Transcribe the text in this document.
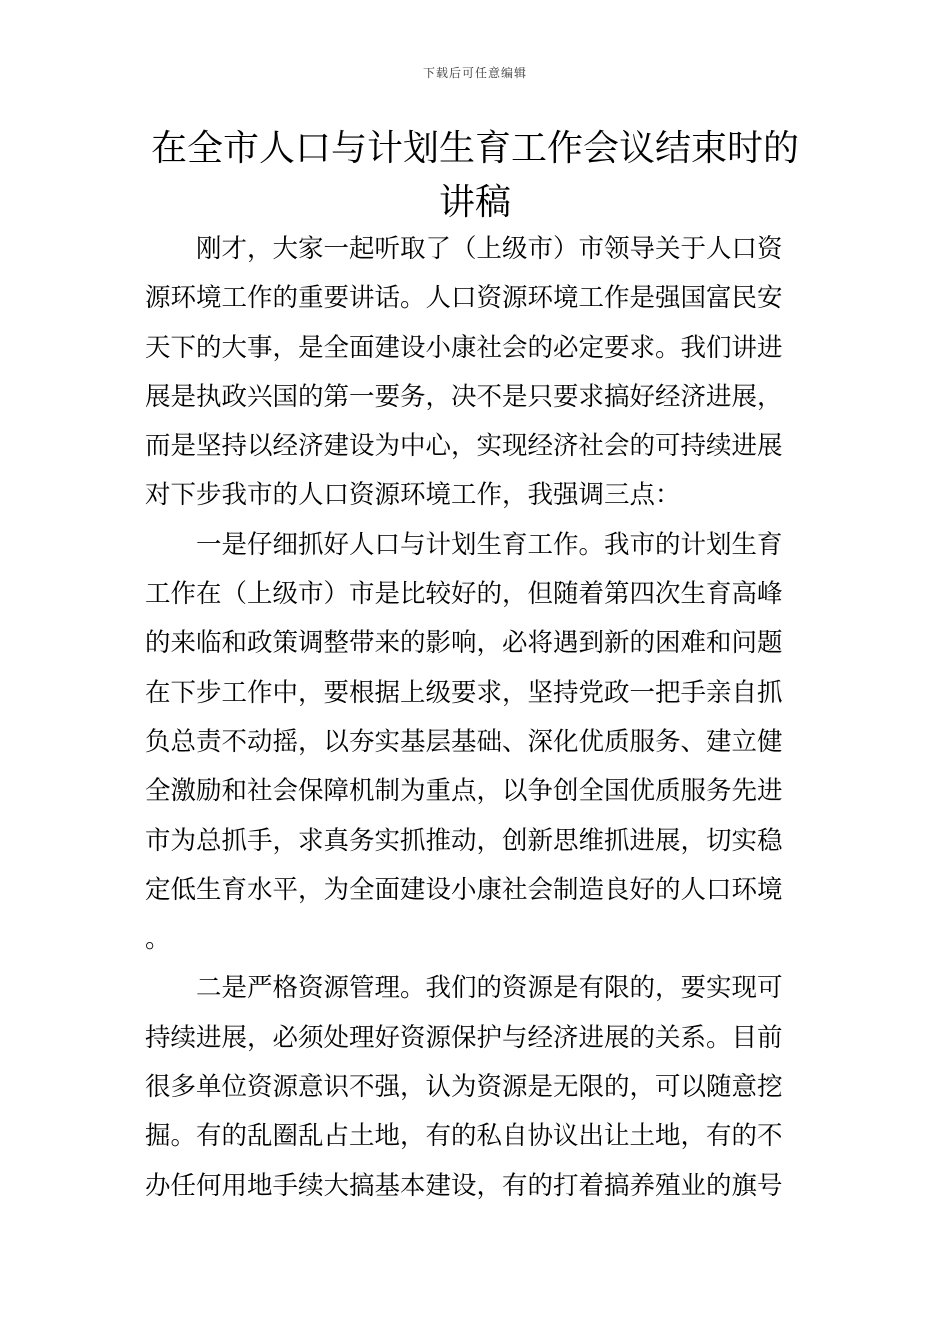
下载后可任意编辑
在全市人口与计划生育工作会议结束时的
讲稿
刚才，大家一起听取了（上级市）市领导关于人口资
源环境工作的重要讲话。人口资源环境工作是强国富民安
天下的大事，是全面建设小康社会的必定要求。我们讲进
展是执政兴国的第一要务，决不是只要求搞好经济进展，
而是坚持以经济建设为中心，实现经济社会的可持续进展
对下步我市的人口资源环境工作，我强调三点：
一是仔细抓好人口与计划生育工作。我市的计划生育
工作在（上级市）市是比较好的，但随着第四次生育高峰
的来临和政策调整带来的影响，必将遇到新的困难和问题
在下步工作中，要根据上级要求，坚持党政一把手亲自抓
负总责不动摇，以夯实基层基础、深化优质服务、建立健
全激励和社会保障机制为重点，以争创全国优质服务先进
市为总抓手，求真务实抓推动，创新思维抓进展，切实稳
定低生育水平，为全面建设小康社会制造良好的人口环境
。
二是严格资源管理。我们的资源是有限的，要实现可
持续进展，必须处理好资源保护与经济进展的关系。目前
很多单位资源意识不强，认为资源是无限的，可以随意挖
掘。有的乱圈乱占土地，有的私自协议出让土地，有的不
办任何用地手续大搞基本建设，有的打着搞养殖业的旗号
